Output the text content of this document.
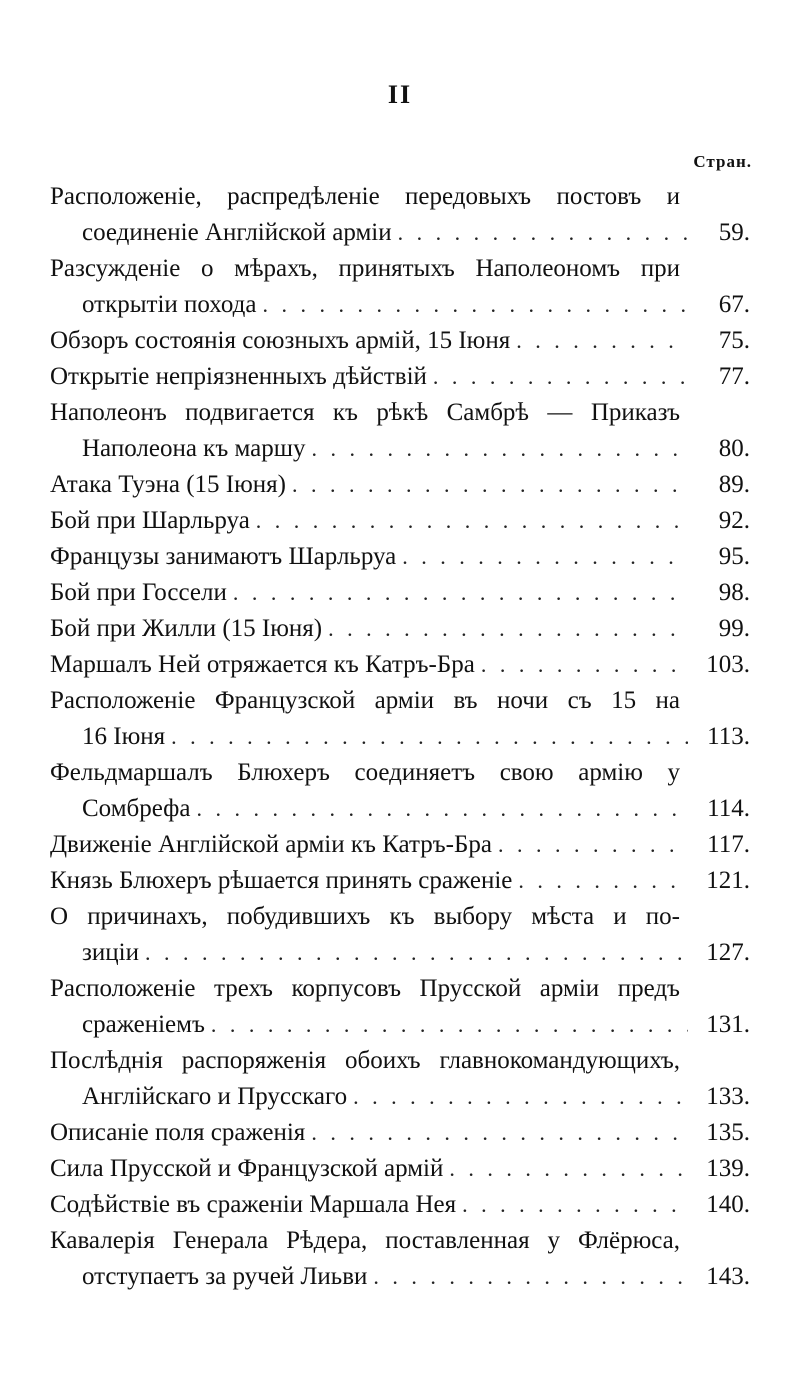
II
Стран.
Расположеніе, распредѣленіе передовыхъ постовъ и
соединеніе Англійской арміи . . .	59.
Разсужденіе о мѣрахъ, принятыхъ Наполеономъ при
открытіи похода . . .	67.
Обзоръ состоянія союзныхъ армій, 15 Іюня . . .	75.
Открытіе непріязненныхъ дѣйствій . . .	77.
Наполеонъ подвигается къ рѣкѣ Самбрѣ — Приказъ
Наполеона къ маршу . . .	80.
Атака Туэна (15 Іюня) . . .	89.
Бой при Шарльруа . . .	92.
Французы занимаютъ Шарльруа . . .	95.
Бой при Госсели . . .	98.
Бой при Жилли (15 Іюня) . . .	99.
Маршалъ Ней отряжается къ Катръ-Бра . . .	103.
Расположеніе Французской арміи въ ночи съ 15 на
16 Іюня . . .	113.
Фельдмаршалъ Блюхеръ соединяетъ свою армію у
Сомбрефа . . .	114.
Движеніе Англійской арміи къ Катръ-Бра . . .	117.
Князь Блюхеръ рѣшается принять сраженіе . . .	121.
О причинахъ, побудившихъ къ выбору мѣста и по-
зиціи . . .	127.
Расположеніе трехъ корпусовъ Прусской арміи предъ
сраженіемъ . . .	131.
Послѣднія распоряженія обоихъ главнокомандующихъ,
Англійскаго и Прусскаго . . .	133.
Описаніе поля сраженія . . .	135.
Сила Прусской и Французской армій . . .	139.
Содѣйствіе въ сраженіи Маршала Нея . . .	140.
Кавалерія Генерала Рѣдера, поставленная у Флёрюса,
отступаетъ за ручей Лиьви . . .	143.
